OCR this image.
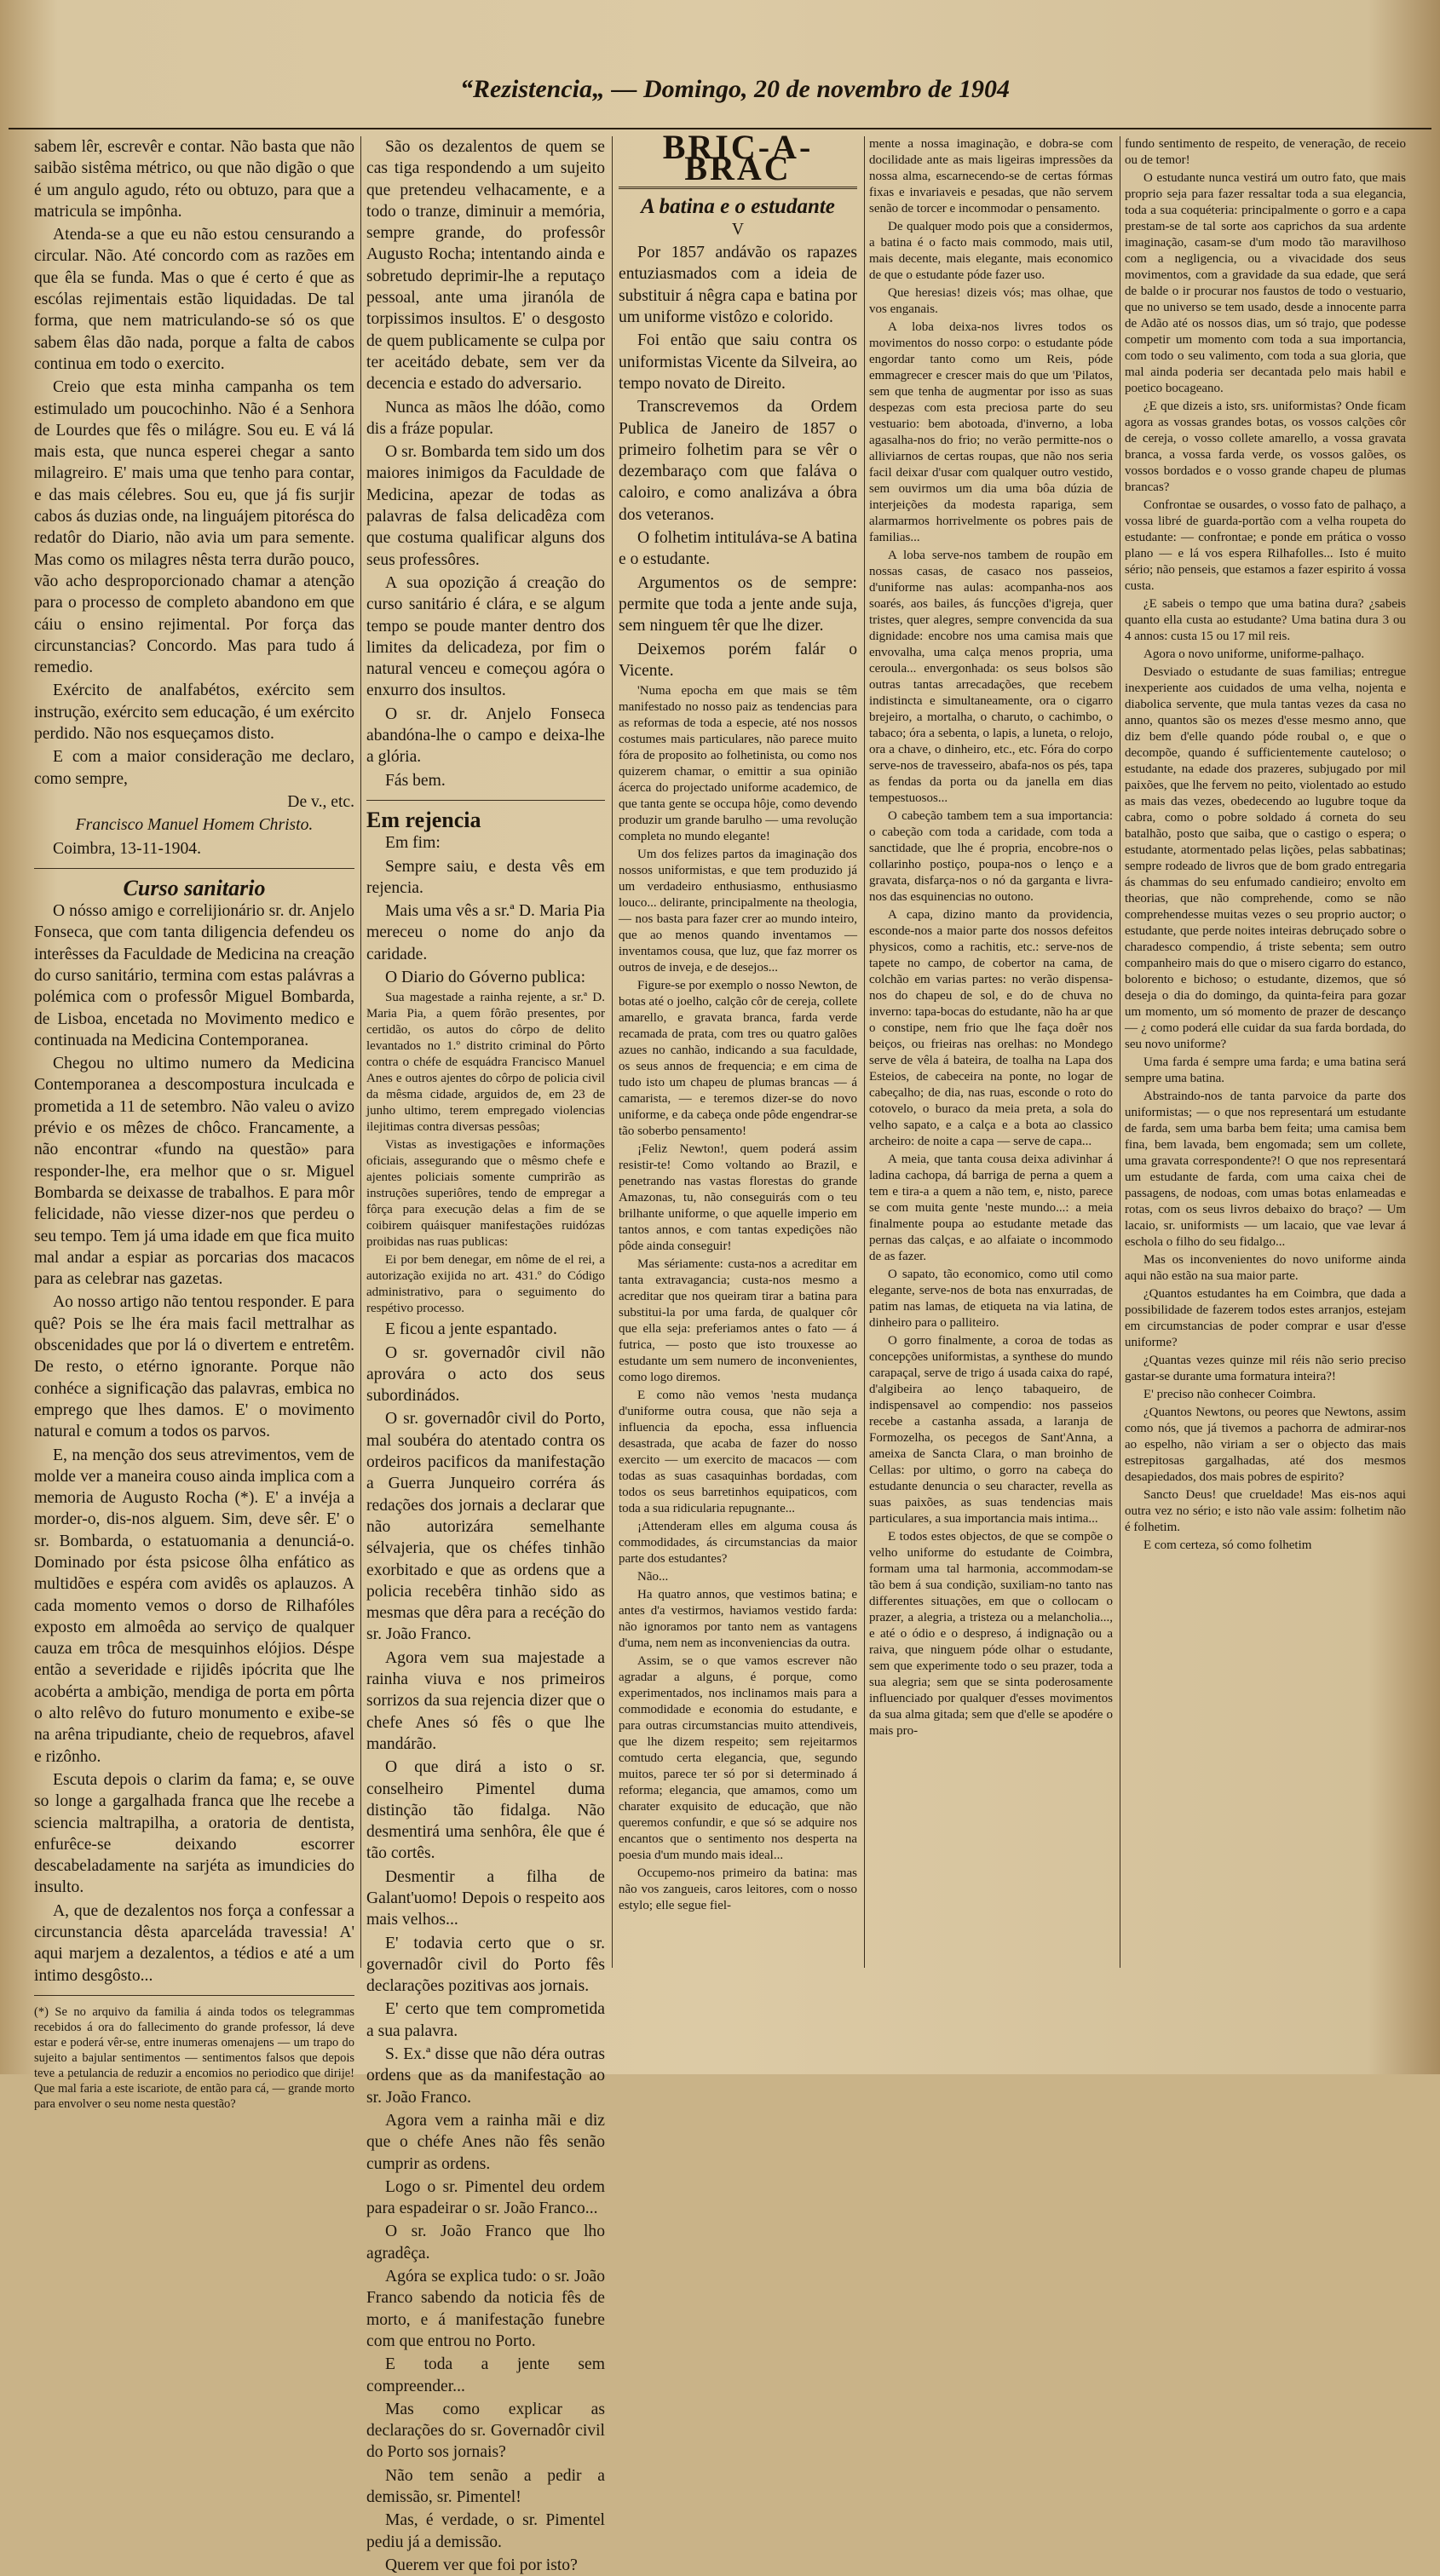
“Rezistencia„ — Domingo, 20 de novembro de 1904

sabem lêr, escrevêr e contar. Não basta que não saibão sistêma métrico, ou que não digão o que é um angulo agudo, réto ou obtuzo, para que a matricula se impônha.

Atenda-se a que eu não estou censurando a circular. Não. Até concordo com as razões em que êla se funda. Mas o que é certo é que as escólas rejimentais estão liquidadas. De tal forma, que nem matriculando-se só os que sabem êlas dão nada, porque a falta de cabos continua em todo o exercito.

Creio que esta minha campanha os tem estimulado um poucochinho. Não é a Senhora de Lourdes que fês o milágre. Sou eu. E vá lá mais esta, que nunca esperei chegar a santo milagreiro. E' mais uma que tenho para contar, e das mais célebres. Sou eu, que já fis surjir cabos ás duzias onde, na linguájem pitorésca do redatôr do Diario, não avia um para semente. Mas como os milagres nêsta terra durão pouco, vão acho desproporcionado chamar a atenção para o processo de completo abandono em que cáiu o ensino rejimental. Por força das circunstancias? Concordo. Mas para tudo á remedio.

Exército de analfabétos, exército sem instrução, exército sem educação, é um exército perdido. Não nos esqueçamos disto.

E com a maior consideração me declaro, como sempre,

De v., etc.

Francisco Manuel Homem Christo.

Coimbra, 13-11-1904.

Curso sanitario

O nósso amigo e correlijionário sr. dr. Anjelo Fonseca, que com tanta diligencia defendeu os interêsses da Faculdade de Medicina na creação do curso sanitário, termina com estas palávras a polémica com o professôr Miguel Bombarda, de Lisboa, encetada no Movimento medico e continuada na Medicina Contemporanea.

Chegou no ultimo numero da Medicina Contemporanea a descompostura inculcada e prometida a 11 de setembro. Não valeu o avizo prévio e os mêzes de chôco. Francamente, a não encontrar «fundo na questão» para responder-lhe, era melhor que o sr. Miguel Bombarda se deixasse de trabalhos. E para môr felicidade, não viesse dizer-nos que perdeu o seu tempo. Tem já uma idade em que fica muito mal andar a espiar as porcarias dos macacos para as celebrar nas gazetas.

Ao nosso artigo não tentou responder. E para quê? Pois se lhe éra mais facil mettralhar as obscenidades que por lá o divertem e entretêm. De resto, o etérno ignorante. Porque não conhéce a significação das palavras, embica no emprego que lhes damos. E' o movimento natural e comum a todos os parvos.

E, na menção dos seus atrevimentos, vem de molde ver a maneira couso ainda implica com a memoria de Augusto Rocha (*). E' a invéja a morder-o, dis-nos alguem. Sim, deve sêr. E' o sr. Bombarda, o estatuomania a denunciá-o. Dominado por ésta psicose ôlha enfático as multidões e espéra com avidês os aplauzos. A cada momento vemos o dorso de Rilhafóles exposto em almoêda ao serviço de qualquer cauza em trôca de mesquinhos elójios. Déspe então a severidade e rijidês ipócrita que lhe acobérta a ambição, mendiga de porta em pôrta o alto relêvo do futuro monumento e exibe-se na arêna tripudiante, cheio de requebros, afavel e rizônho.

Escuta depois o clarim da fama; e, se ouve so longe a gargalhada franca que lhe recebe a sciencia maltrapilha, a oratoria de dentista, enfurêce-se deixando escorrer descabeladamente na sarjéta as imundicies do insulto.

A, que de dezalentos nos força a confessar a circunstancia dêsta aparceláda travessia! A' aqui marjem a dezalentos, a tédios e até a um intimo desgôsto...

(*) Se no arquivo da familia á ainda todos os telegrammas recebidos á ora do fallecimento do grande professor, lá deve estar e poderá vêr-se, entre inumeras omenajens — um trapo do sujeito a bajular sentimentos — sentimentos falsos que depois teve a petulancia de reduzir a encomios no periodico que dirije! Que mal faria a este iscariote, de então para cá, — grande morto para envolver o seu nome nesta questão?

São os dezalentos de quem se cas tiga respondendo a um sujeito que pretendeu velhacamente, e a todo o tranze, diminuir a memória, sempre grande, do professôr Augusto Rocha; intentando ainda e sobretudo deprimir-lhe a reputaço pessoal, ante uma jiranóla de torpissimos insultos. E' o desgosto de quem publicamente se culpa por ter aceitádo debate, sem ver da decencia e estado do adversario.

Nunca as mãos lhe dóão, como dis a fráze popular.

O sr. Bombarda tem sido um dos maiores inimigos da Faculdade de Medicina, apezar de todas as palavras de falsa delicadêza com que costuma qualificar alguns dos seus professôres.

A sua opozição á creação do curso sanitário é clára, e se algum tempo se poude manter dentro dos limites da delicadeza, por fim o natural venceu e começou agóra o enxurro dos insultos.

O sr. dr. Anjelo Fonseca abandóna-lhe o campo e deixa-lhe a glória.

Fás bem.

Em rejencia

Em fim:

Sempre saiu, e desta vês em rejencia.

Mais uma vês a sr.ª D. Maria Pia mereceu o nome do anjo da caridade.

O Diario do Góverno publica:

Sua magestade a rainha rejente, a sr.ª D. Maria Pia, a quem fôrão presentes, por certidão, os autos do côrpo de delito levantados no 1.º distrito criminal do Pôrto contra o chéfe de esquádra Francisco Manuel Anes e outros ajentes do côrpo de policia civil da mêsma cidade, arguidos de, em 23 de junho ultimo, terem empregado violencias ilejitimas contra diversas pessôas;

Vistas as investigações e informações oficiais, assegurando que o mêsmo chefe e ajentes policiais somente cumprirão as instruções superiôres, tendo de empregar a fôrça para execução delas a fim de se coibirem quáisquer manifestações ruidózas proibidas nas ruas publicas:

Ei por bem denegar, em nôme de el rei, a autorização exijida no art. 431.º do Código administrativo, para o seguimento do respétivo processo.

E ficou a jente espantado.

O sr. governadôr civil não aprovára o acto dos seus subordinádos.

O sr. governadôr civil do Porto, mal soubéra do atentado contra os ordeiros pacificos da manifestação a Guerra Junqueiro corréra ás redações dos jornais a declarar que não autorizára semelhante sélvajeria, que os chéfes tinhão exorbitado e que as ordens que a policia recebêra tinhão sido as mesmas que dêra para a recéção do sr. João Franco.

Agora vem sua majestade a rainha viuva e nos primeiros sorrizos da sua rejencia dizer que o chefe Anes só fês o que lhe mandárão.

O que dirá a isto o sr. conselheiro Pimentel duma distinção tão fidalga. Não desmentirá uma senhôra, êle que é tão cortês.

Desmentir a filha de Galant'uomo! Depois o respeito aos mais velhos...

E' todavia certo que o sr. governadôr civil do Porto fês declarações pozitivas aos jornais.

E' certo que tem comprometida a sua palavra.

S. Ex.ª disse que não déra outras ordens que as da manifestação ao sr. João Franco.

Agora vem a rainha mãi e diz que o chéfe Anes não fês senão cumprir as ordens.

Logo o sr. Pimentel deu ordem para espadeirar o sr. João Franco...

O sr. João Franco que lho agradêça.

Agóra se explica tudo: o sr. João Franco sabendo da noticia fês de morto, e á manifestação funebre com que entrou no Porto.

E toda a jente sem compreender...

Mas como explicar as declarações do sr. Governadôr civil do Porto sos jornais?

Não tem senão a pedir a demissão, sr. Pimentel!

Mas, é verdade, o sr. Pimentel pediu já a demissão.

Querem ver que foi por isto?

BRIC-A-BRAC

A batina e o estudante

V

Por 1857 andávão os rapazes entuziasmados com a ideia de substituir á nêgra capa e batina por um uniforme vistôzo e colorido.

Foi então que saiu contra os uniformistas Vicente da Silveira, ao tempo novato de Direito.

Transcrevemos da Ordem Publica de Janeiro de 1857 o primeiro folhetim para se vêr o dezembaraço com que faláva o caloiro, e como analizáva a óbra dos veteranos.

O folhetim intituláva-se A batina e o estudante.

Argumentos os de sempre: permite que toda a jente ande suja, sem ninguem têr que lhe dizer.

Deixemos porém falár o Vicente.

'Numa epocha em que mais se têm manifestado no nosso paiz as tendencias para as reformas de toda a especie, até nos nossos costumes mais particulares, não parece muito fóra de proposito ao folhetinista, ou como nos quizerem chamar, o emittir a sua opinião ácerca do projectado uniforme academico, de que tanta gente se occupa hôje, como devendo produzir um grande barulho — uma revolução completa no mundo elegante!

Um dos felizes partos da imaginação dos nossos uniformistas, e que tem produzido já um verdadeiro enthusiasmo, enthusiasmo louco... delirante, principalmente na theologia, — nos basta para fazer crer ao mundo inteiro, que ao menos quando inventamos — inventamos cousa, que luz, que faz morrer os outros de inveja, e de desejos...

Figure-se por exemplo o nosso Newton, de botas até o joelho, calção côr de cereja, collete amarello, e gravata branca, farda verde recamada de prata, com tres ou quatro galões azues no canhão, indicando a sua faculdade, os seus annos de frequencia; e em cima de tudo isto um chapeu de plumas brancas — á camarista, — e teremos dizer-se do novo uniforme, e da cabeça onde pôde engendrar-se tão soberbo pensamento!

¡Feliz Newton!, quem poderá assim resistir-te! Como voltando ao Brazil, e penetrando nas vastas florestas do grande Amazonas, tu, não conseguirás com o teu brilhante uniforme, o que aquelle imperio em tantos annos, e com tantas expedições não pôde ainda conseguir!

Mas sériamente: custa-nos a acreditar em tanta extravagancia; custa-nos mesmo a acreditar que nos queiram tirar a batina para substitui-la por uma farda, de qualquer côr que ella seja: preferiamos antes o fato — á futrica, — posto que isto trouxesse ao estudante um sem numero de inconvenientes, como logo diremos.

E como não vemos 'nesta mudança d'uniforme outra cousa, que não seja a influencia da epocha, essa influencia desastrada, que acaba de fazer do nosso exercito — um exercito de macacos — com todas as suas casaquinhas bordadas, com todos os seus barretinhos equipaticos, com toda a sua ridicularia repugnante...

¡Attenderam elles em alguma cousa ás commodidades, ás circumstancias da maior parte dos estudantes?

Não...

Ha quatro annos, que vestimos batina; e antes d'a vestirmos, haviamos vestido farda: não ignoramos por tanto nem as vantagens d'uma, nem nem as inconveniencias da outra.

Assim, se o que vamos escrever não agradar a alguns, é porque, como experimentados, nos inclinamos mais para a commodidade e economia do estudante, e para outras circumstancias muito attendiveis, que lhe dizem respeito; sem rejeitarmos comtudo certa elegancia, que, segundo muitos, parece ter só por si determinado á reforma; elegancia, que amamos, como um charater exquisito de educação, que não queremos confundir, e que só se adquire nos encantos que o sentimento nos desperta na poesia d'um mundo mais ideal...

Occupemo-nos primeiro da batina: mas não vos zangueis, caros leitores, com o nosso estylo; elle segue fiel-

mente a nossa imaginação, e dobra-se com docilidade ante as mais ligeiras impressões da nossa alma, escarnecendo-se de certas fórmas fixas e invariaveis e pesadas, que não servem senão de torcer e incommodar o pensamento.

De qualquer modo pois que a considermos, a batina é o facto mais commodo, mais util, mais decente, mais elegante, mais economico de que o estudante póde fazer uso.

Que heresias! dizeis vós; mas olhae, que vos enganais.

A loba deixa-nos livres todos os movimentos do nosso corpo: o estudante póde engordar tanto como um Reis, póde emmagrecer e crescer mais do que um 'Pilatos, sem que tenha de augmentar por isso as suas despezas com esta preciosa parte do seu vestuario: bem abotoada, d'inverno, a loba agasalha-nos do frio; no verão permitte-nos o alliviarnos de certas roupas, que não nos seria facil deixar d'usar com qualquer outro vestido, sem ouvirmos um dia uma bôa dúzia de interjeições da modesta rapariga, sem alarmarmos horrivelmente os pobres pais de familias...

A loba serve-nos tambem de roupão em nossas casas, de casaco nos passeios, d'uniforme nas aulas: acompanha-nos aos soarés, aos bailes, ás funcções d'igreja, quer tristes, quer alegres, sempre convencida da sua dignidade: encobre nos uma camisa mais que envovalha, uma calça menos propria, uma ceroula... envergonhada: os seus bolsos são outras tantas arrecadações, que recebem indistincta e simultaneamente, ora o cigarro brejeiro, a mortalha, o charuto, o cachimbo, o tabaco; óra a sebenta, o lapis, a luneta, o relojo, ora a chave, o dinheiro, etc., etc. Fóra do corpo serve-nos de travesseiro, abafa-nos os pés, tapa as fendas da porta ou da janella em dias tempestuosos...

O cabeção tambem tem a sua importancia: o cabeção com toda a caridade, com toda a sanctidade, que lhe é propria, encobre-nos o collarinho postiço, poupa-nos o lenço e a gravata, disfarça-nos o nó da garganta e livra-nos das esquinencias no outono.

A capa, dizino manto da providencia, esconde-nos a maior parte dos nossos defeitos physicos, como a rachitis, etc.: serve-nos de tapete no campo, de cobertor na cama, de colchão em varias partes: no verão dispensa-nos do chapeu de sol, e do de chuva no inverno: tapa-bocas do estudante, não ha ar que o constipe, nem frio que lhe faça doêr nos beiços, ou frieiras nas orelhas: no Mondego serve de vêla á bateira, de toalha na Lapa dos Esteios, de cabeceira na ponte, no logar de cabeçalho; de dia, nas ruas, esconde o roto do cotovelo, o buraco da meia preta, a sola do velho sapato, e a calça e a bota ao classico archeiro: de noite a capa — serve de capa...

A meia, que tanta cousa deixa adivinhar á ladina cachopa, dá barriga de perna a quem a tem e tira-a a quem a não tem, e, nisto, parece se com muita gente 'neste mundo...: a meia finalmente poupa ao estudante metade das pernas das calças, e ao alfaiate o incommodo de as fazer.

O sapato, tão economico, como util como elegante, serve-nos de bota nas enxurradas, de patim nas lamas, de etiqueta na via latina, de dinheiro para o palliteiro.

O gorro finalmente, a coroa de todas as concepções uniformistas, a synthese do mundo carapaçal, serve de trigo á usada caixa do rapé, d'algibeira ao lenço tabaqueiro, de indispensavel ao compendio: nos passeios recebe a castanha assada, a laranja de Formozelha, os pecegos de Sant'Anna, a ameixa de Sancta Clara, o man broinho de Cellas: por ultimo, o gorro na cabeça do estudante denuncia o seu character, revella as suas paixões, as suas tendencias mais particulares, a sua importancia mais intima...

E todos estes objectos, de que se compõe o velho uniforme do estudante de Coimbra, formam uma tal harmonia, accommodam-se tão bem á sua condição, suxiliam-no tanto nas differentes situações, em que o collocam o prazer, a alegria, a tristeza ou a melancholia..., e até o ódio e o despreso, á indignação ou a raiva, que ninguem póde olhar o estudante, sem que experimente todo o seu prazer, toda a sua alegria; sem que se sinta poderosamente influenciado por qualquer d'esses movimentos da sua alma gitada; sem que d'elle se apodére o mais pro-

fundo sentimento de respeito, de veneração, de receio ou de temor!

O estudante nunca vestirá um outro fato, que mais proprio seja para fazer ressaltar toda a sua elegancia, toda a sua coquéteria: principalmente o gorro e a capa prestam-se de tal sorte aos caprichos da sua ardente imaginação, casam-se d'um modo tão maravilhoso com a negligencia, ou a vivacidade dos seus movimentos, com a gravidade da sua edade, que será de balde o ir procurar nos faustos de todo o vestuario, que no universo se tem usado, desde a innocente parra de Adão até os nossos dias, um só trajo, que podesse competir um momento com toda a sua importancia, com todo o seu valimento, com toda a sua gloria, que mal ainda poderia ser decantada pelo mais habil e poetico bocageano.

¿E que dizeis a isto, srs. uniformistas? Onde ficam agora as vossas grandes botas, os vossos calções côr de cereja, o vosso collete amarello, a vossa gravata branca, a vossa farda verde, os vossos galões, os vossos bordados e o vosso grande chapeu de plumas brancas?

Confrontae se ousardes, o vosso fato de palhaço, a vossa libré de guarda-portão com a velha roupeta do estudante: — confrontae; e ponde em prática o vosso plano — e lá vos espera Rilhafolles... Isto é muito sério; não penseis, que estamos a fazer espirito á vossa custa.

¿E sabeis o tempo que uma batina dura? ¿sabeis quanto ella custa ao estudante? Uma batina dura 3 ou 4 annos: custa 15 ou 17 mil reis.

Agora o novo uniforme, uniforme-palhaço.

Desviado o estudante de suas familias; entregue inexperiente aos cuidados de uma velha, nojenta e diabolica servente, que mula tantas vezes da casa no anno, quantos são os mezes d'esse mesmo anno, que diz bem d'elle quando póde roubal o, e que o decompõe, quando é sufficientemente cauteloso; o estudante, na edade dos prazeres, subjugado por mil paixões, que lhe fervem no peito, violentado ao estudo as mais das vezes, obedecendo ao lugubre toque da cabra, como o pobre soldado á corneta do seu batalhão, posto que saiba, que o castigo o espera; o estudante, atormentado pelas lições, pelas sabbatinas; sempre rodeado de livros que de bom grado entregaria ás chammas do seu enfumado candieiro; envolto em theorias, que não comprehende, como se não comprehendesse muitas vezes o seu proprio auctor; o estudante, que perde noites inteiras debruçado sobre o charadesco compendio, á triste sebenta; sem outro companheiro mais do que o misero cigarro do estanco, bolorento e bichoso; o estudante, dizemos, que só deseja o dia do domingo, da quinta-feira para gozar um momento, um só momento de prazer de descanço — ¿ como poderá elle cuidar da sua farda bordada, do seu novo uniforme?

Uma farda é sempre uma farda; e uma batina será sempre uma batina.

Abstraindo-nos de tanta parvoice da parte dos uniformistas; — o que nos representará um estudante de farda, sem uma barba bem feita; uma camisa bem fina, bem lavada, bem engomada; sem um collete, uma gravata correspondente?! O que nos representará um estudante de farda, com uma caixa chei de passagens, de nodoas, com umas botas enlameadas e rotas, com os seus livros debaixo do braço? — Um lacaio, sr. uniformists — um lacaio, que vae levar á eschola o filho do seu fidalgo...

Mas os inconvenientes do novo uniforme ainda aqui não estão na sua maior parte.

¿Quantos estudantes ha em Coimbra, que dada a possibilidade de fazerem todos estes arranjos, estejam em circumstancias de poder comprar e usar d'esse uniforme?

¿Quantas vezes quinze mil réis não serio preciso gastar-se durante uma formatura inteira?!

E' preciso não conhecer Coimbra.

¿Quantos Newtons, ou peores que Newtons, assim como nós, que já tivemos a pachorra de admirar-nos ao espelho, não viriam a ser o objecto das mais estrepitosas gargalhadas, até dos mesmos desapiedados, dos mais pobres de espirito?

Sancto Deus! que crueldade! Mas eis-nos aqui outra vez no sério; e isto não vale assim: folhetim não é folhetim.

E com certeza, só como folhetim
